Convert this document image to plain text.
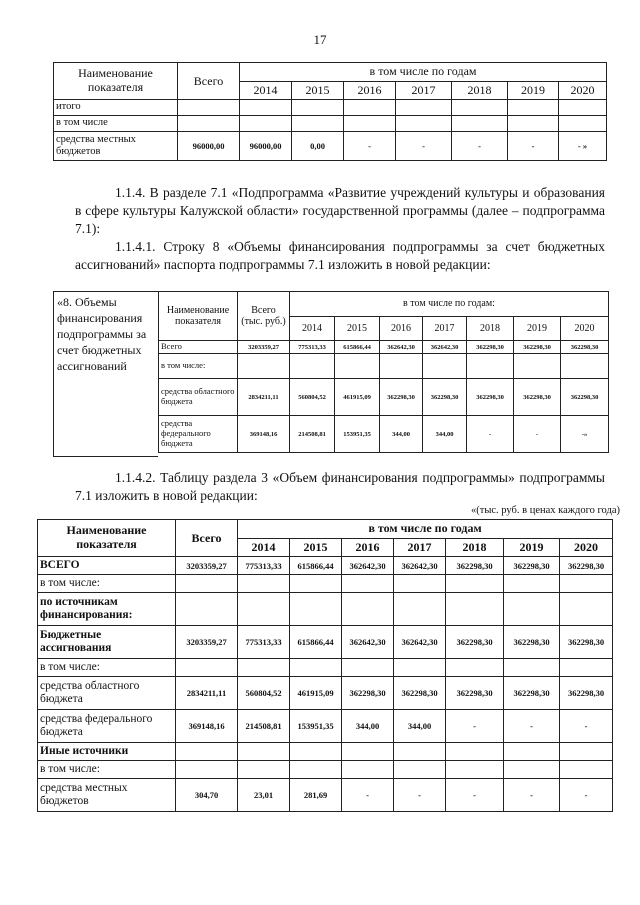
17
Наименование показателя	Всего	в том числе по годам						
		2014	2015	2016	2017	2018	2019	2020
итого								
в том числе								
средства местных бюджетов	96000,00	96000,00	0,00	-	-	-	-	- »
1.1.4. В разделе 7.1 «Подпрограмма «Развитие учреждений культуры и образования в сфере культуры Калужской области» государственной программы (далее – подпрограмма 7.1):
1.1.4.1. Строку 8 «Объемы финансирования подпрограммы за счет бюджетных ассигнований» паспорта подпрограммы 7.1 изложить в новой редакции:
«8. Объемы
финансирования
подпрограммы за
счет бюджетных
ассигнований
Наименование показателя	Всего (тыс. руб.)	в том числе по годам:						
		2014	2015	2016	2017	2018	2019	2020
Всего	3203359,27	775313,33	615866,44	362642,30	362642,30	362298,30	362298,30	362298,30
в том числе:								
средства областного бюджета	2834211,11	560804,52	461915,09	362298,30	362298,30	362298,30	362298,30	362298,30
средства федерального бюджета	369148,16	214508,81	153951,35	344,00	344,00	-	-	-»
1.1.4.2. Таблицу раздела 3 «Объем финансирования подпрограммы» подпрограммы 7.1 изложить в новой редакции:
«(тыс. руб. в ценах каждого года)
Наименование показателя	Всего	в том числе по годам						
		2014	2015	2016	2017	2018	2019	2020
ВСЕГО	3203359,27	775313,33	615866,44	362642,30	362642,30	362298,30	362298,30	362298,30
в том числе:								
по источникам финансирования:								
Бюджетные ассигнования	3203359,27	775313,33	615866,44	362642,30	362642,30	362298,30	362298,30	362298,30
в том числе:								
средства областного бюджета	2834211,11	560804,52	461915,09	362298,30	362298,30	362298,30	362298,30	362298,30
средства федерального бюджета	369148,16	214508,81	153951,35	344,00	344,00	-	-	-
Иные источники								
в том числе:								
средства местных бюджетов	304,70	23,01	281,69	-	-	-	-	-
